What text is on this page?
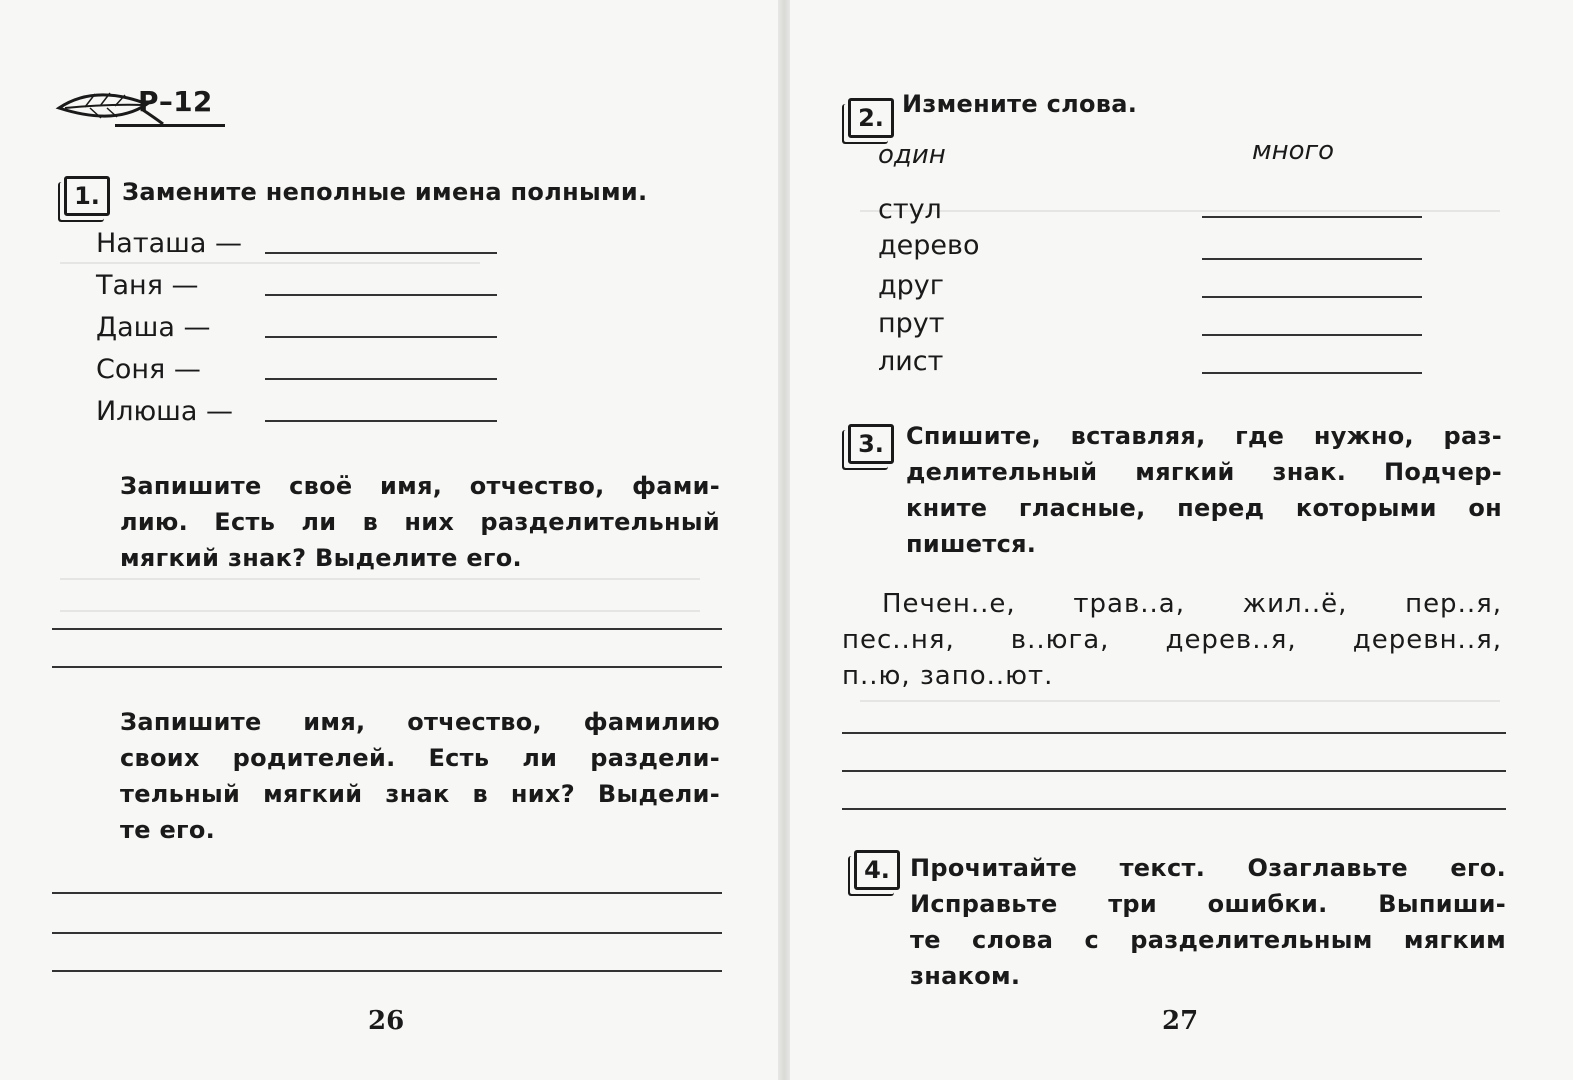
Р–12
1. Замените неполные имена полными.
Наташа —
Таня —
Даша —
Соня —
Илюша —
Запишите своё имя, отчество, фами-
лию. Есть ли в них разделительный
мягкий знак? Выделите его.
Запишите имя, отчество, фамилию
своих родителей. Есть ли раздели-
тельный мягкий знак в них? Выдели-
те его.
26
2. Измените слова.
один	много
стул
дерево
друг
прут
лист
3. Спишите, вставляя, где нужно, раз-
делительный мягкий знак. Подчер-
кните гласные, перед которыми он
пишется.
Печен..е, трав..а, жил..ё, пер..я,
пес..ня, в..юга, дерев..я, деревн..я,
п..ю, запо..ют.
4. Прочитайте текст. Озаглавьте его.
Исправьте три ошибки. Выпиши-
те слова с разделительным мягким
знаком.
27
